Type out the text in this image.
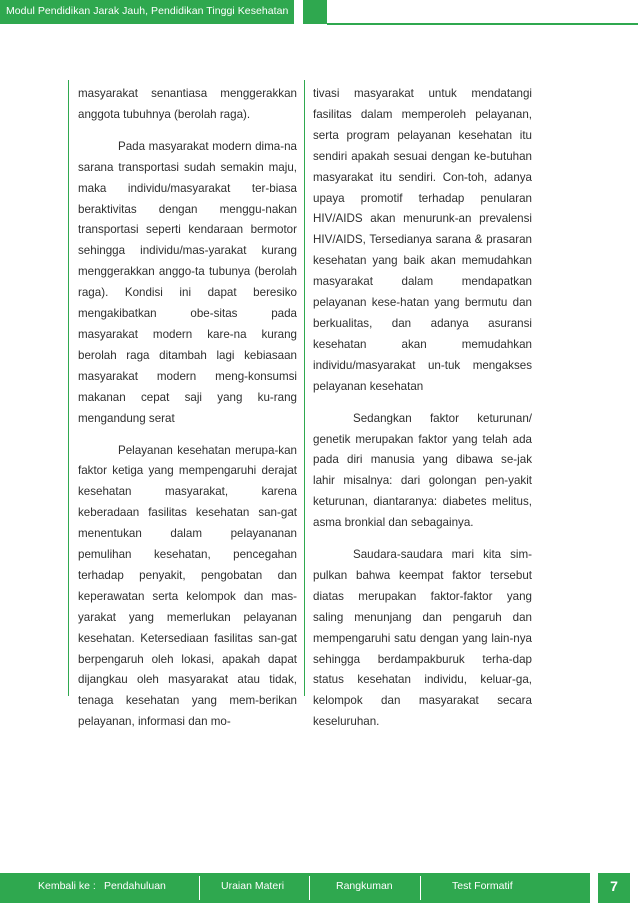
Modul Pendidikan Jarak Jauh, Pendidikan Tinggi Kesehatan

masyarakat senantiasa menggerakkan anggota tubuhnya (berolah raga).

Pada masyarakat modern dima-na sarana transportasi sudah semakin maju, maka individu/masyarakat ter-biasa beraktivitas dengan menggu-nakan transportasi seperti kendaraan bermotor sehingga individu/mas-yarakat kurang menggerakkan anggo-ta tubunya (berolah raga). Kondisi ini dapat beresiko mengakibatkan obe-sitas pada masyarakat modern kare-na kurang berolah raga ditambah lagi kebiasaan masyarakat modern meng-konsumsi makanan cepat saji yang ku-rang mengandung serat

Pelayanan kesehatan merupa-kan faktor ketiga yang mempengaruhi derajat kesehatan masyarakat, karena keberadaan fasilitas kesehatan san-gat menentukan dalam pelayananan pemulihan kesehatan, pencegahan terhadap penyakit, pengobatan dan keperawatan serta kelompok dan mas-yarakat yang memerlukan pelayanan kesehatan. Ketersediaan fasilitas san-gat berpengaruh oleh lokasi, apakah dapat dijangkau oleh masyarakat atau tidak, tenaga kesehatan yang mem-berikan pelayanan, informasi dan mo-

tivasi masyarakat untuk mendatangi fasilitas dalam memperoleh pelayanan, serta program pelayanan kesehatan itu sendiri apakah sesuai dengan ke-butuhan masyarakat itu sendiri. Con-toh, adanya upaya promotif terhadap penularan HIV/AIDS akan menurunk-an prevalensi HIV/AIDS, Tersedianya sarana & prasaran kesehatan yang baik akan memudahkan masyarakat dalam mendapatkan pelayanan kese-hatan yang bermutu dan berkualitas, dan adanya asuransi kesehatan akan memudahkan individu/masyarakat un-tuk mengakses pelayanan kesehatan

Sedangkan faktor keturunan/ genetik merupakan faktor yang telah ada pada diri manusia yang dibawa se-jak lahir misalnya: dari golongan pen-yakit keturunan, diantaranya: diabetes melitus, asma bronkial dan sebagainya.

Saudara-saudara mari kita sim-pulkan bahwa keempat faktor tersebut diatas merupakan faktor-faktor yang saling menunjang dan pengaruh dan mempengaruhi satu dengan yang lain-nya sehingga berdampakburuk terha-dap status kesehatan individu, keluar-ga, kelompok dan masyarakat secara keseluruhan.

Kembali ke : Pendahuluan	Uraian Materi	Rangkuman	Test Formatif	7
